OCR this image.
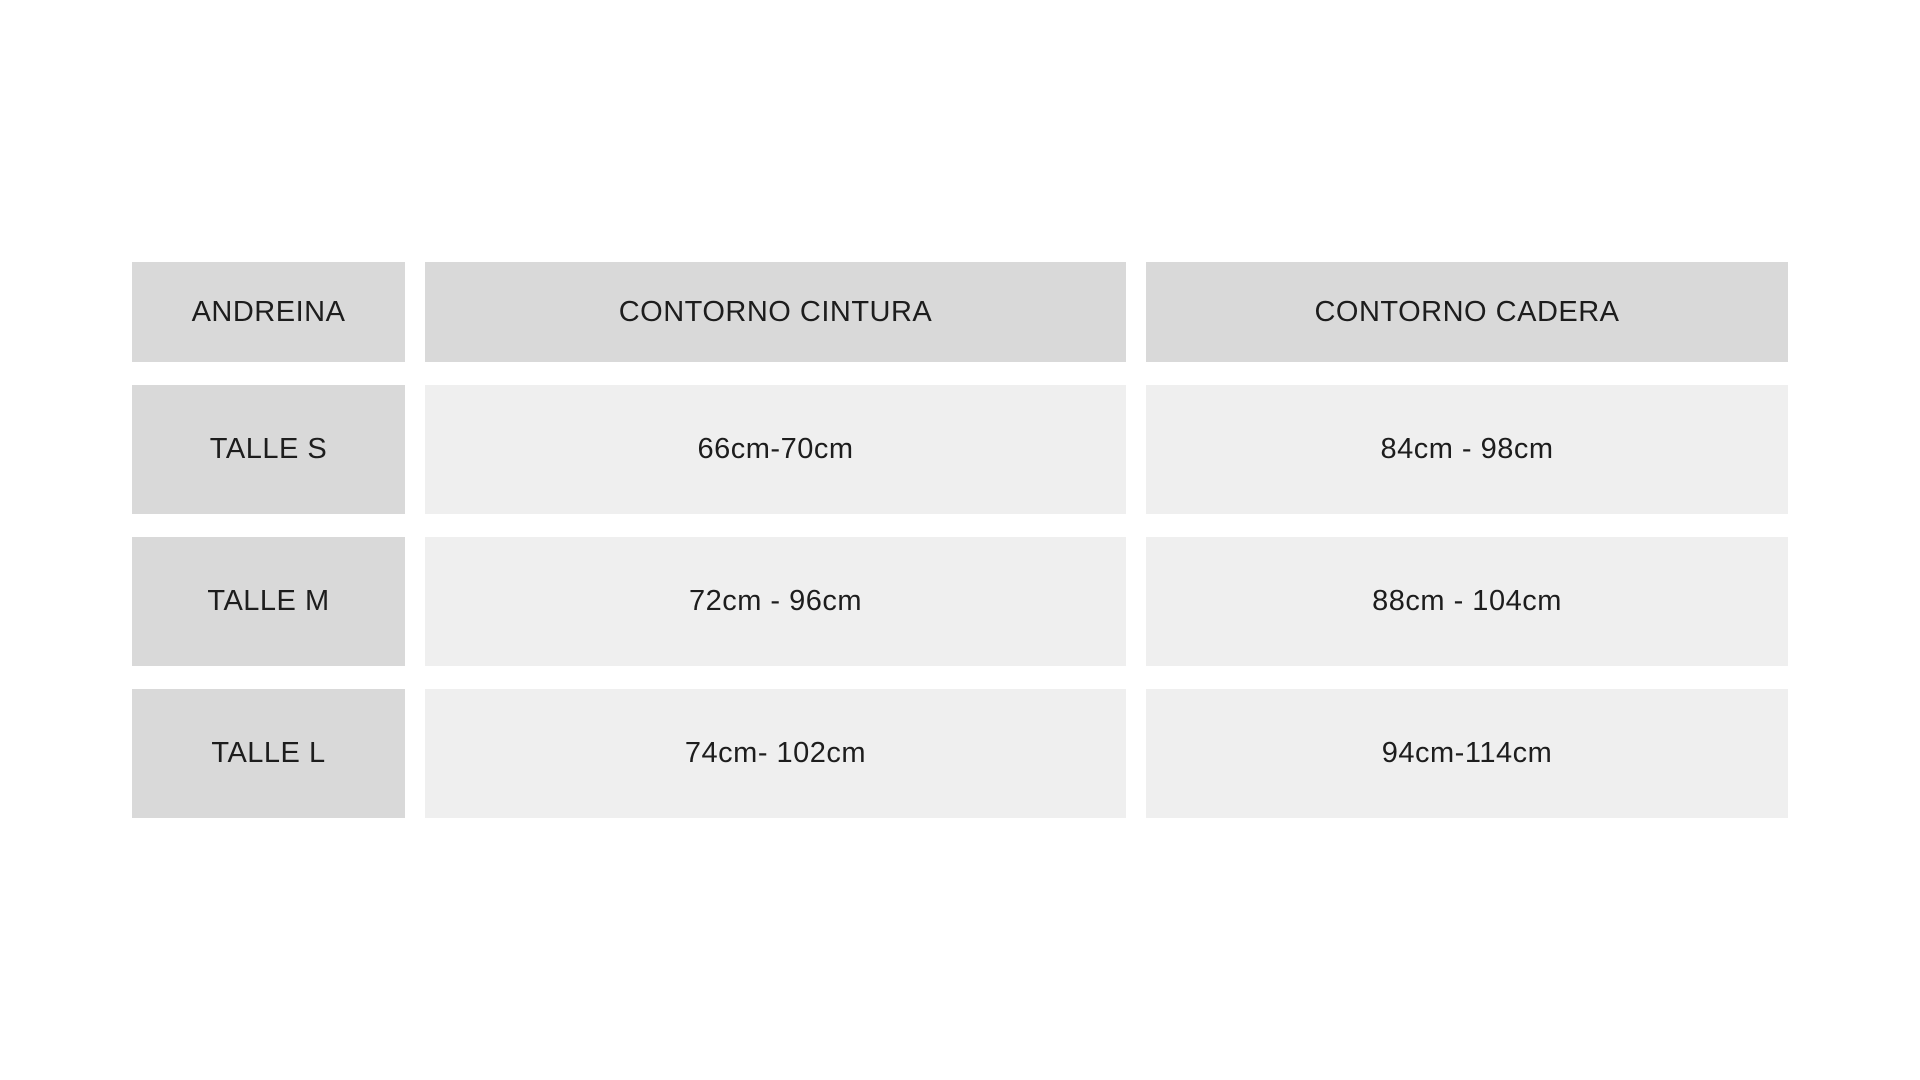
ANDREINA	CONTORNO CINTURA	CONTORNO CADERA
TALLE S	66cm-70cm	84cm - 98cm
TALLE M	72cm - 96cm	88cm - 104cm
TALLE L	74cm- 102cm	94cm-114cm
